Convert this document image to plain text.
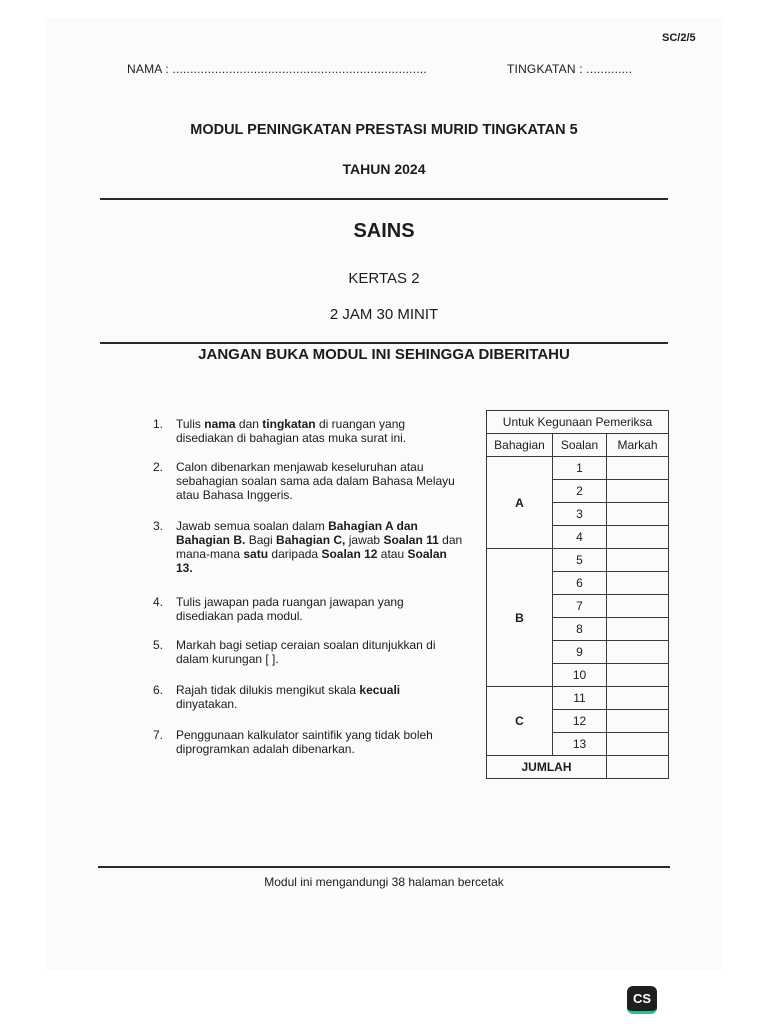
SC/2/5
NAMA : ........................................................................	TINGKATAN : .............
MODUL PENINGKATAN PRESTASI MURID TINGKATAN 5
TAHUN 2024
SAINS
KERTAS 2
2 JAM 30 MINIT
JANGAN BUKA MODUL INI SEHINGGA DIBERITAHU
1. Tulis nama dan tingkatan di ruangan yang disediakan di bahagian atas muka surat ini.
2. Calon dibenarkan menjawab keseluruhan atau sebahagian soalan sama ada dalam Bahasa Melayu atau Bahasa Inggeris.
3. Jawab semua soalan dalam Bahagian A dan Bahagian B. Bagi Bahagian C, jawab Soalan 11 dan mana-mana satu daripada Soalan 12 atau Soalan 13.
4. Tulis jawapan pada ruangan jawapan yang disediakan pada modul.
5. Markah bagi setiap ceraian soalan ditunjukkan di dalam kurungan [ ].
6. Rajah tidak dilukis mengikut skala kecuali dinyatakan.
7. Penggunaan kalkulator saintifik yang tidak boleh diprogramkan adalah dibenarkan.
Untuk Kegunaan Pemeriksa		
Bahagian	Soalan	Markah
A	1	
	2	
	3	
	4	
B	5	
	6	
	7	
	8	
	9	
	10	
C	11	
	12	
	13	
JUMLAH		
Modul ini mengandungi 38 halaman bercetak
CS
